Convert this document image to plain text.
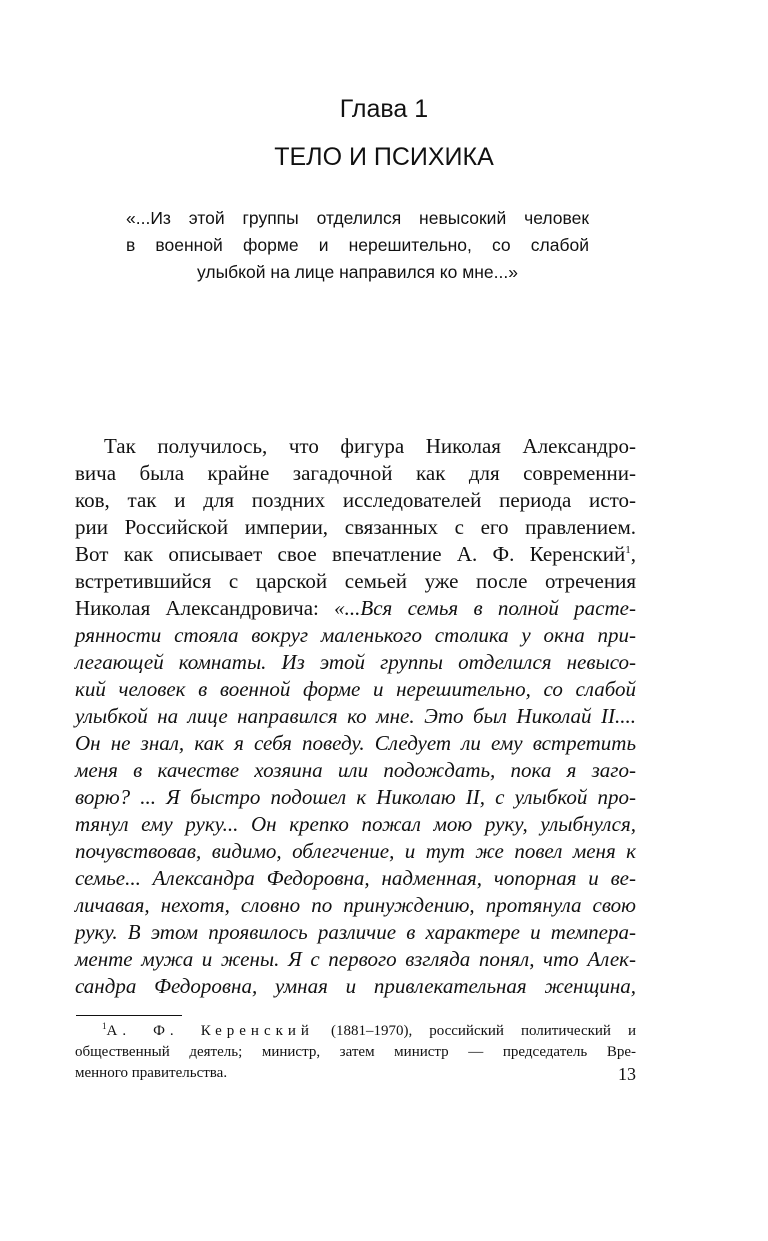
Глава 1
ТЕЛО И ПСИХИКА
«...Из этой группы отделился невысокий человек
в военной форме и нерешительно, со слабой
улыбкой на лице направился ко мне...»
Так получилось, что фигура Николая Александро-
вича была крайне загадочной как для современни-
ков, так и для поздних исследователей периода исто-
рии Российской империи, связанных с его правлением.
Вот как описывает свое впечатление А. Ф. Керенский$^1$,
встретившийся с царской семьей уже после отречения
Николая Александровича: «...Вся семья в полной расте-
рянности стояла вокруг маленького столика у окна при-
легающей комнаты. Из этой группы отделился невысо-
кий человек в военной форме и нерешительно, со слабой
улыбкой на лице направился ко мне. Это был Николай II....
Он не знал, как я себя поведу. Следует ли ему встретить
меня в качестве хозяина или подождать, пока я заго-
ворю? ... Я быстро подошел к Николаю II, с улыбкой про-
тянул ему руку... Он крепко пожал мою руку, улыбнулся,
почувствовав, видимо, облегчение, и тут же повел меня к
семье... Александра Федоровна, надменная, чопорная и ве-
личавая, нехотя, словно по принуждению, протянула свою
руку. В этом проявилось различие в характере и темпера-
менте мужа и жены. Я с первого взгляда понял, что Алек-
сандра Федоровна, умная и привлекательная женщина,
$^1$А. Ф. Керенский (1881–1970), российский политический и
общественный деятель; министр, затем министр — председатель Вре-
менного правительства.	13
